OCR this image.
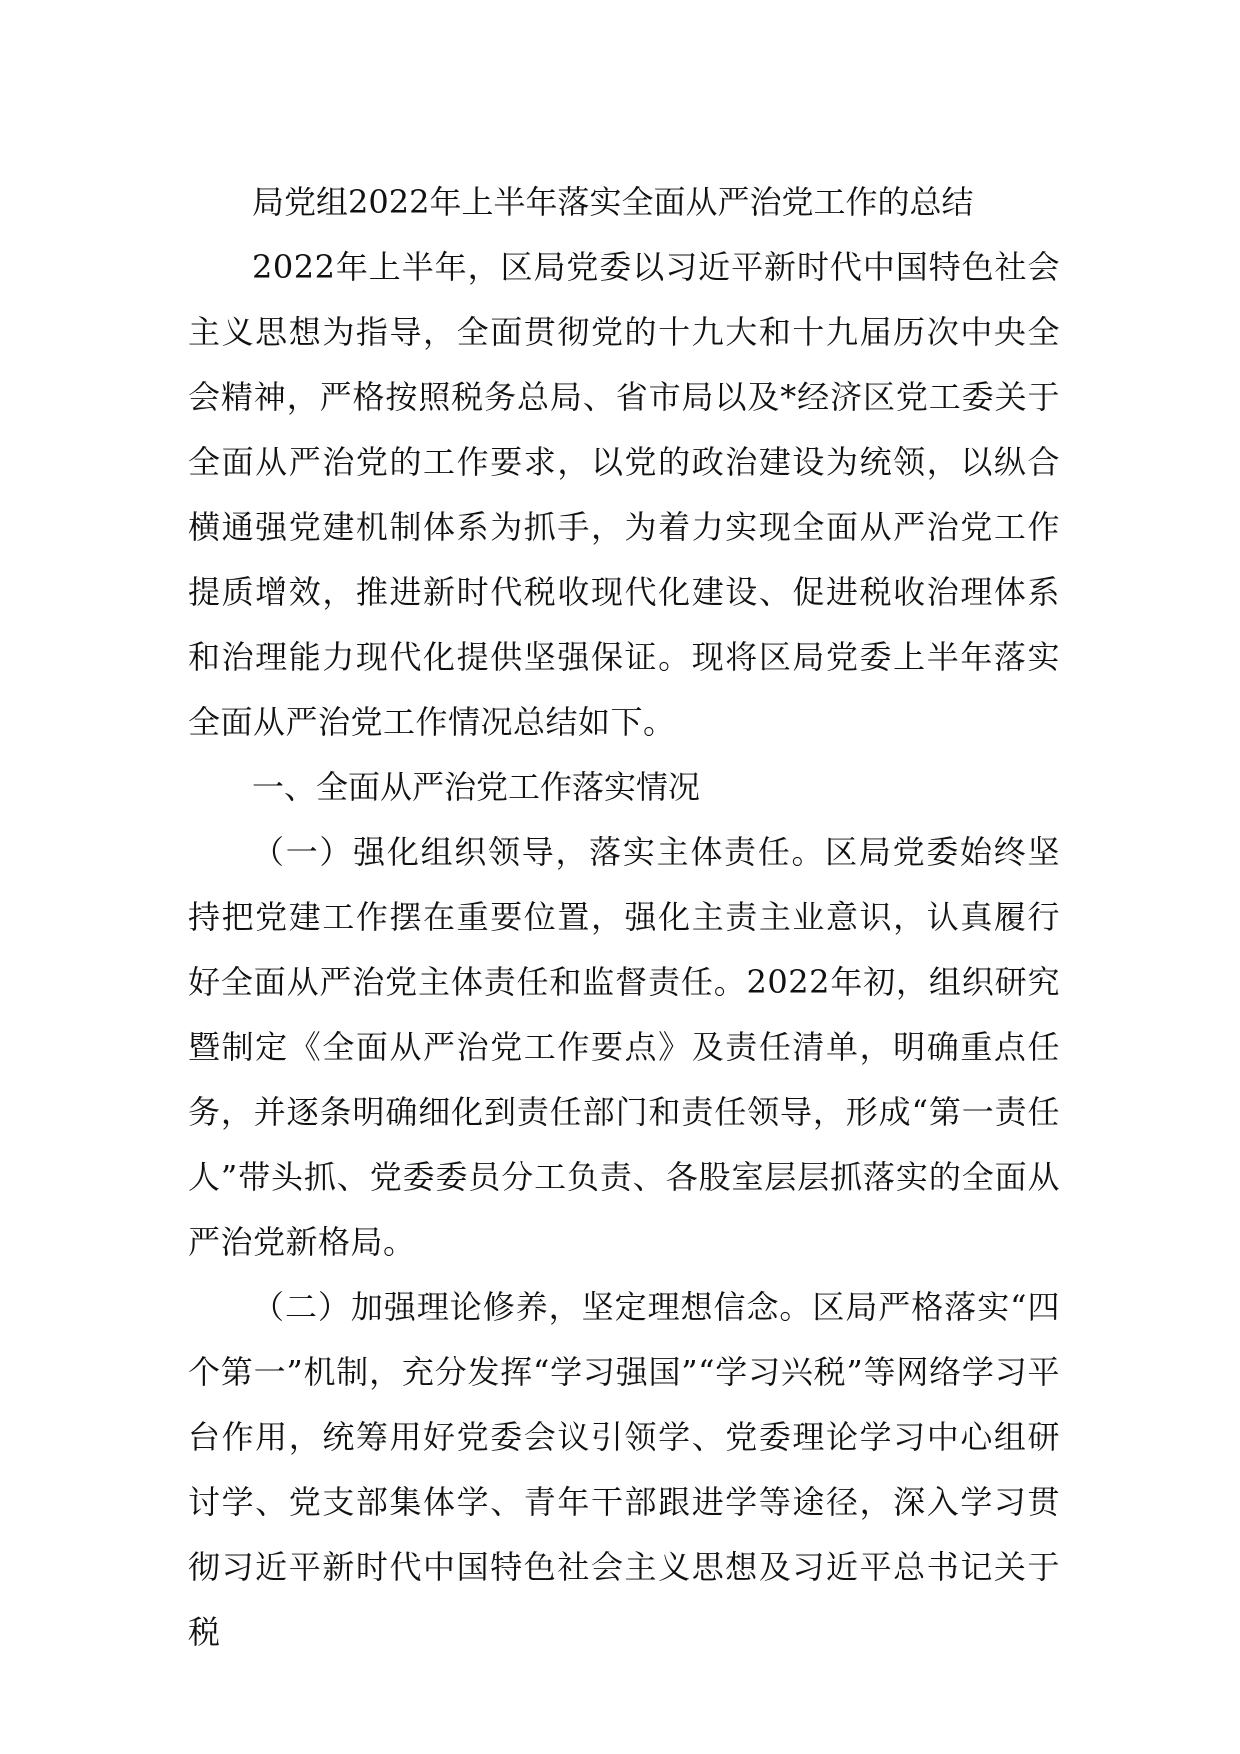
局党组2022年上半年落实全面从严治党工作的总结

2022年上半年，区局党委以习近平新时代中国特色社会主义思想为指导，全面贯彻党的十九大和十九届历次中央全会精神，严格按照税务总局、省市局以及*经济区党工委关于全面从严治党的工作要求，以党的政治建设为统领，以纵合横通强党建机制体系为抓手，为着力实现全面从严治党工作提质增效，推进新时代税收现代化建设、促进税收治理体系和治理能力现代化提供坚强保证。现将区局党委上半年落实全面从严治党工作情况总结如下。

一、全面从严治党工作落实情况

（一）强化组织领导，落实主体责任。区局党委始终坚持把党建工作摆在重要位置，强化主责主业意识，认真履行好全面从严治党主体责任和监督责任。2022年初，组织研究暨制定《全面从严治党工作要点》及责任清单，明确重点任务，并逐条明确细化到责任部门和责任领导，形成“第一责任人”带头抓、党委委员分工负责、各股室层层抓落实的全面从严治党新格局。

（二）加强理论修养，坚定理想信念。区局严格落实“四个第一”机制，充分发挥“学习强国”“学习兴税”等网络学习平台作用，统筹用好党委会议引领学、党委理论学习中心组研讨学、党支部集体学、青年干部跟进学等途径，深入学习贯彻习近平新时代中国特色社会主义思想及习近平总书记关于税
